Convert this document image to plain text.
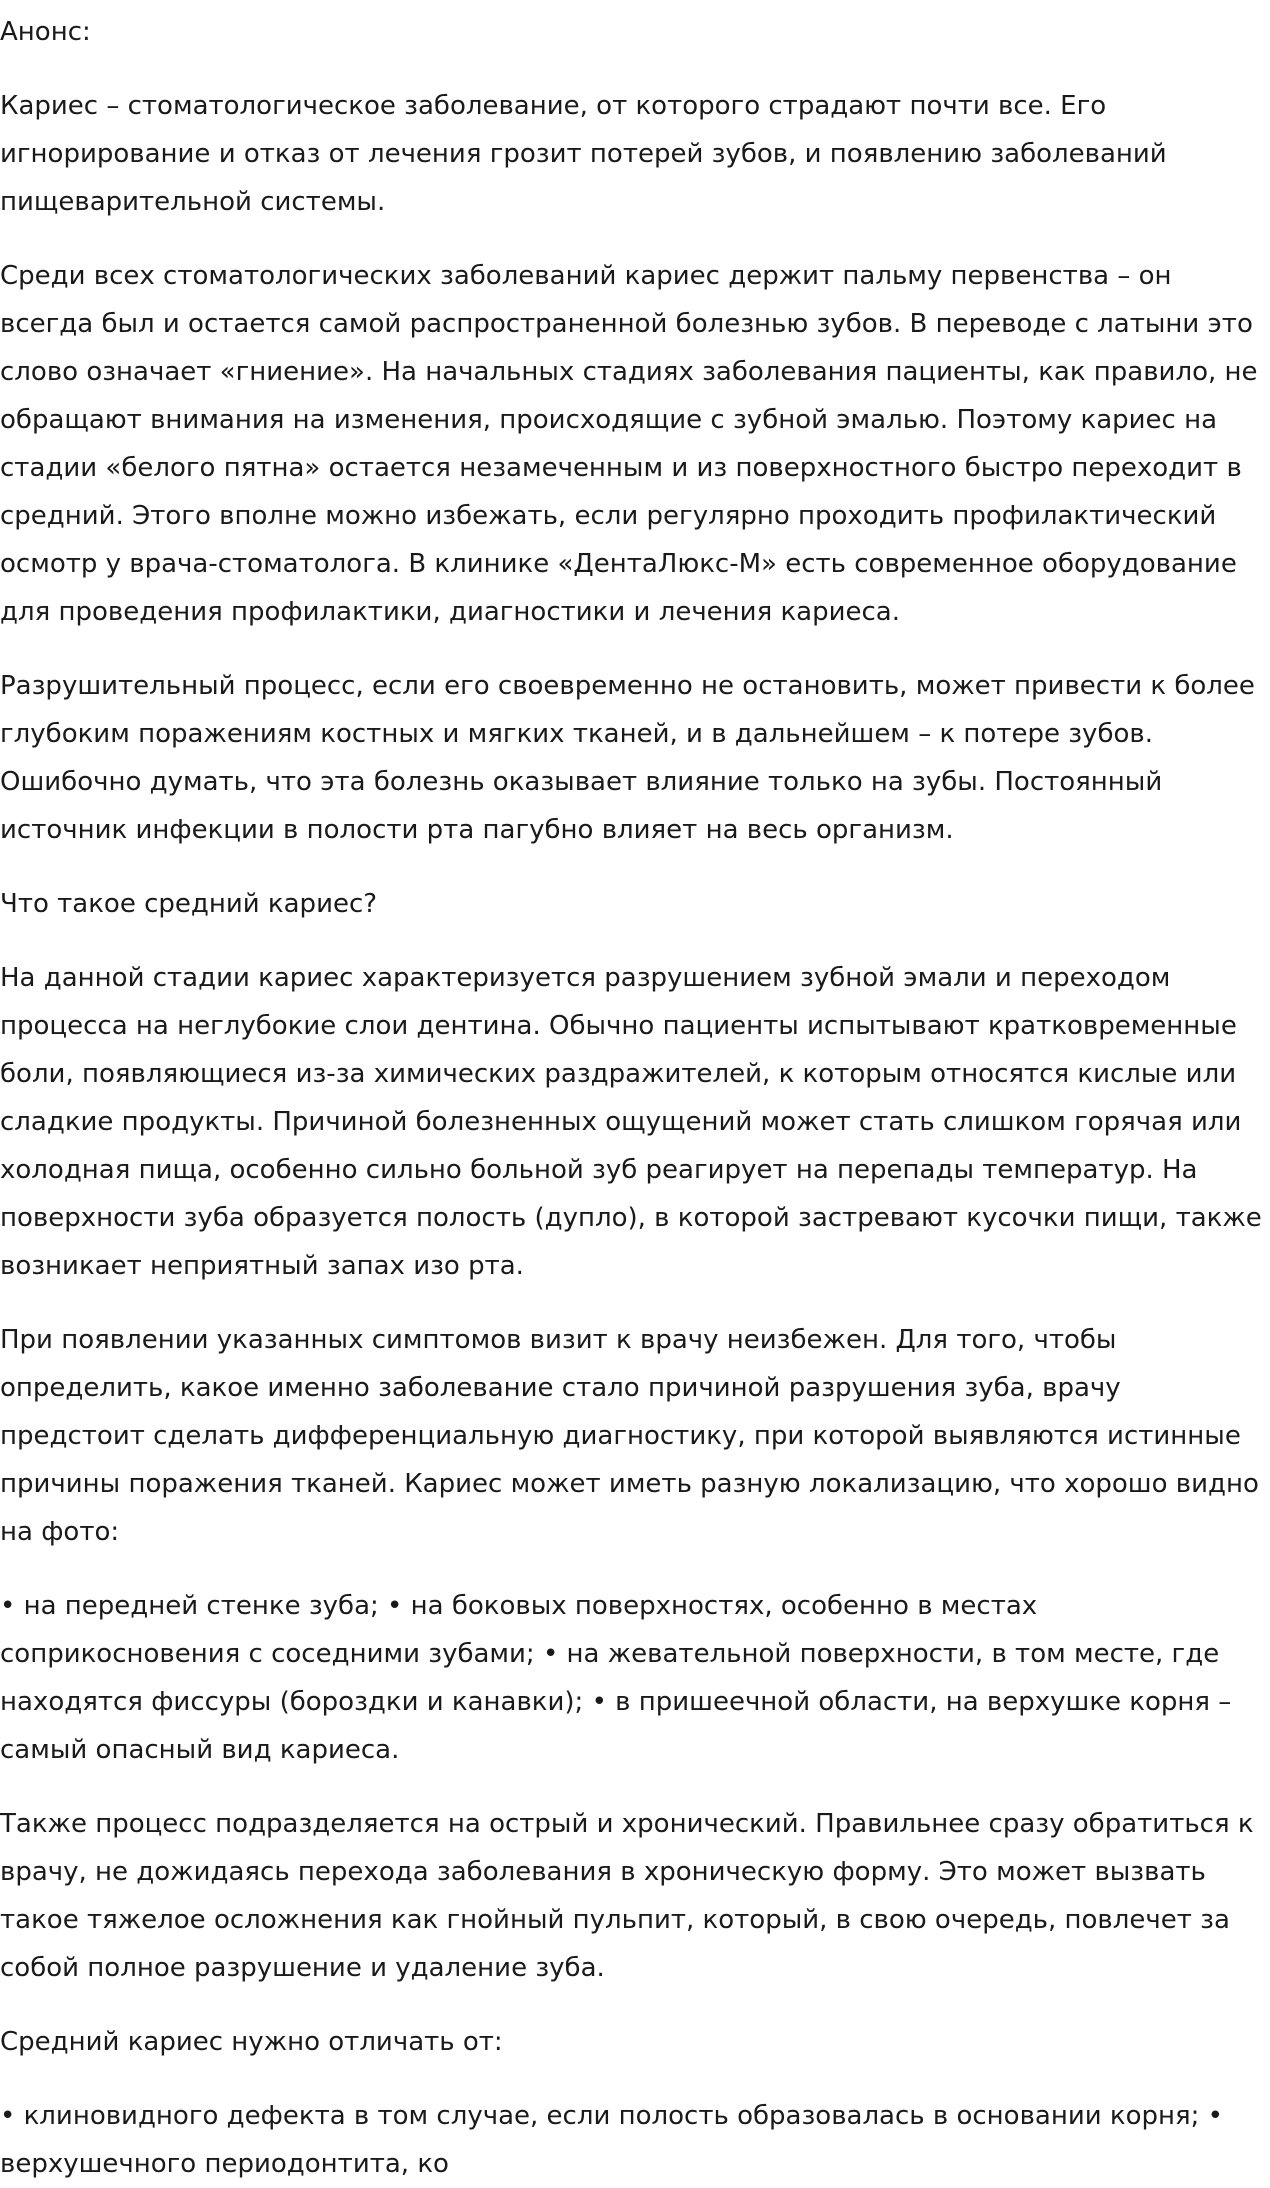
Анонс:

Кариес – стоматологическое заболевание, от которого страдают почти все. Его игнорирование и отказ от лечения грозит потерей зубов, и появлению заболеваний пищеварительной системы.

Среди всех стоматологических заболеваний кариес держит пальму первенства – он всегда был и остается самой распространенной болезнью зубов. В переводе с латыни это слово означает «гниение». На начальных стадиях заболевания пациенты, как правило, не обращают внимания на изменения, происходящие с зубной эмалью. Поэтому кариес на стадии «белого пятна» остается незамеченным и из поверхностного быстро переходит в средний. Этого вполне можно избежать, если регулярно проходить профилактический осмотр у врача-стоматолога. В клинике «ДентаЛюкс-М» есть современное оборудование для проведения профилактики, диагностики и лечения кариеса.

Разрушительный процесс, если его своевременно не остановить, может привести к более глубоким поражениям костных и мягких тканей, и в дальнейшем – к потере зубов. Ошибочно думать, что эта болезнь оказывает влияние только на зубы. Постоянный источник инфекции в полости рта пагубно влияет на весь организм.

Что такое средний кариес?

На данной стадии кариес характеризуется разрушением зубной эмали и переходом процесса на неглубокие слои дентина. Обычно пациенты испытывают кратковременные боли, появляющиеся из-за химических раздражителей, к которым относятся кислые или сладкие продукты. Причиной болезненных ощущений может стать слишком горячая или холодная пища, особенно сильно больной зуб реагирует на перепады температур. На поверхности зуба образуется полость (дупло), в которой застревают кусочки пищи, также возникает неприятный запах изо рта.

При появлении указанных симптомов визит к врачу неизбежен. Для того, чтобы определить, какое именно заболевание стало причиной разрушения зуба, врачу предстоит сделать дифференциальную диагностику, при которой выявляются истинные причины поражения тканей. Кариес может иметь разную локализацию, что хорошо видно на фото:

• на передней стенке зуба; • на боковых поверхностях, особенно в местах соприкосновения с соседними зубами; • на жевательной поверхности, в том месте, где находятся фиссуры (бороздки и канавки); • в пришеечной области, на верхушке корня – самый опасный вид кариеса.

Также процесс подразделяется на острый и хронический. Правильнее сразу обратиться к врачу, не дожидаясь перехода заболевания в хроническую форму. Это может вызвать такое тяжелое осложнения как гнойный пульпит, который, в свою очередь, повлечет за собой полное разрушение и удаление зуба.

Средний кариес нужно отличать от:

• клиновидного дефекта в том случае, если полость образовалась в основании корня; • верхушечного периодонтита, ко
